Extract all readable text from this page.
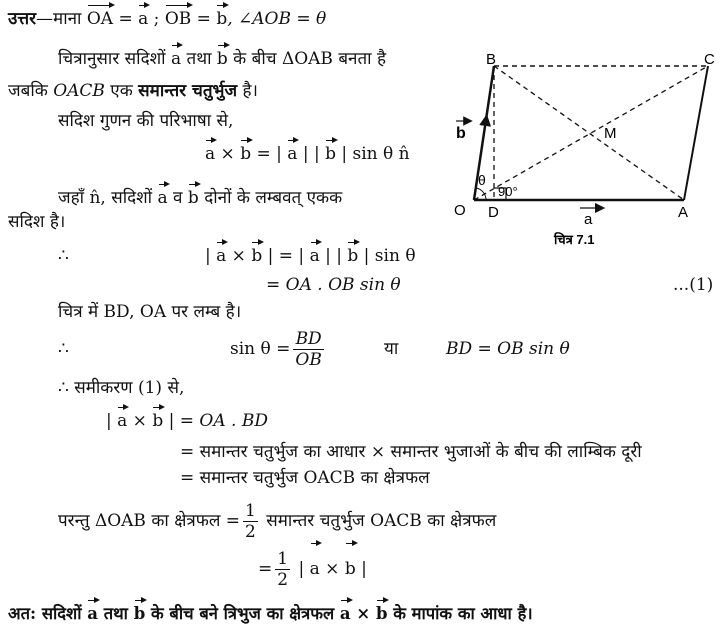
उत्तर—माना OA = a ; OB = b, ∠AOB = θ
चित्रानुसार सदिशों a तथा b के बीच ΔOAB बनता है
जबकि OACB एक समान्तर चतुर्भुज है।
सदिश गुणन की परिभाषा से,
a × b = | a | | b | sin θ n̂
जहाँ n̂, सदिशों a व b दोनों के लम्बवत् एकक
सदिश है।
∴	| a × b | = | a | | b | sin θ
= OA . OB sin θ	...(1)
चित्र में BD, OA पर लम्ब है।
∴	$\sin \theta = \frac{BD}{OB}$	या	BD = OB sin θ
∴ समीकरण (1) से,
| a × b | = OA . BD
= समान्तर चतुर्भुज का आधार × समान्तर भुजाओं के बीच की लाम्बिक दूरी
= समान्तर चतुर्भुज OACB का क्षेत्रफल
परन्तु ΔOAB का क्षेत्रफल = $\frac{1}{2}$ समान्तर चतुर्भुज OACB का क्षेत्रफल
= $\frac{1}{2}$ | a × b |
अत: सदिशों a तथा b के बीच बने त्रिभुज का क्षेत्रफल a × b के मापांक का आधा है।
B	C
O D	A
M
b
a
θ
90°
चित्र 7.1
